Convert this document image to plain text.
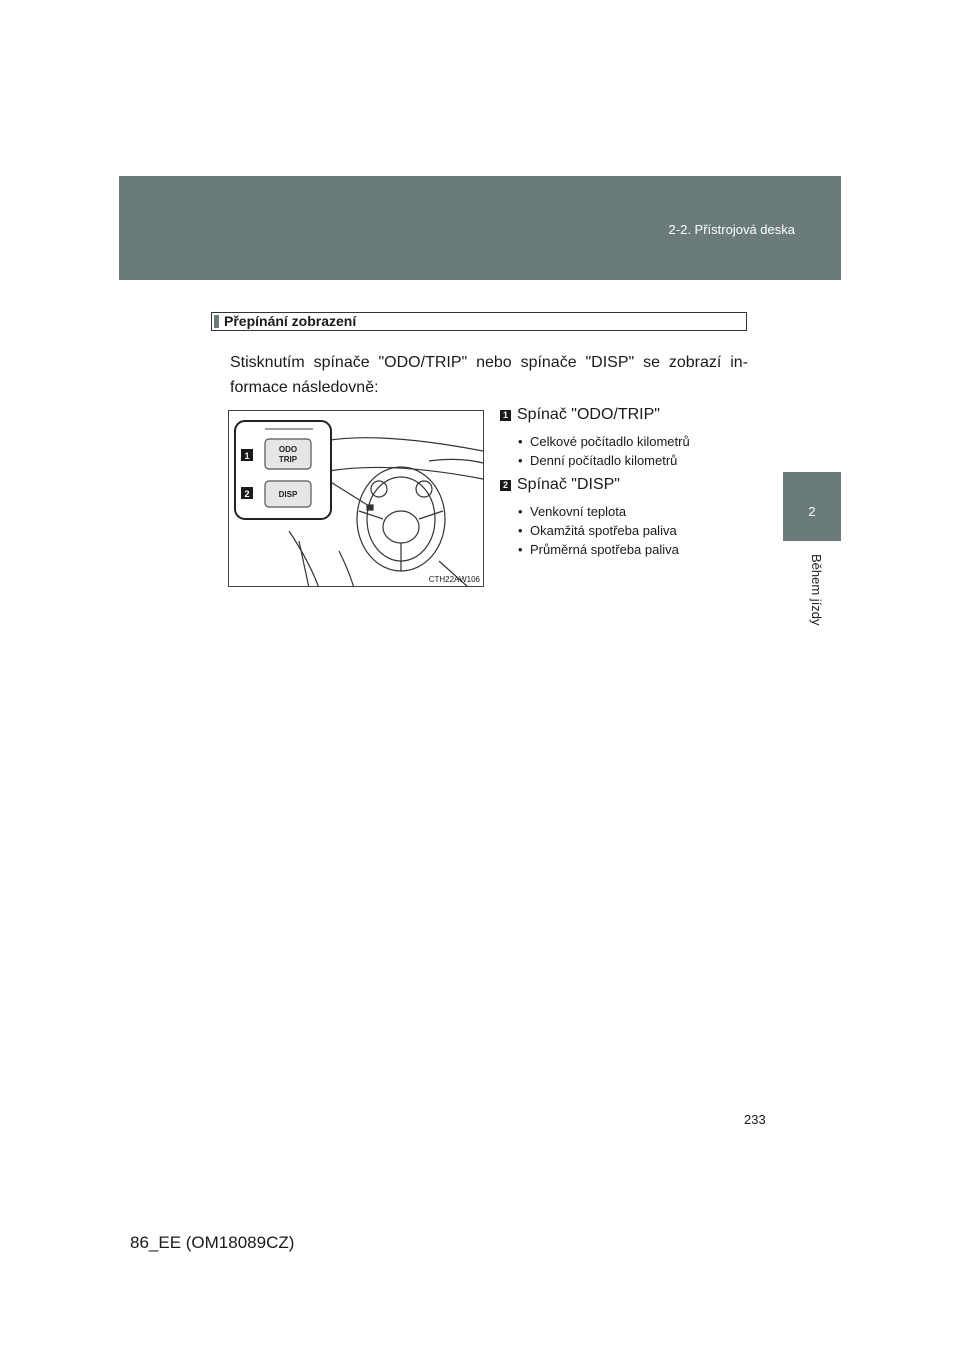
2-2. Přístrojová deska
2
Během jízdy
Přepínání zobrazení
Stisknutím spínače "ODO/TRIP" nebo spínače "DISP" se zobrazí in-formace následovně:
1
2
ODO
TRIP
DISP
CTH22AW106
1 Spínač "ODO/TRIP"
• Celkové počítadlo kilometrů
• Denní počítadlo kilometrů
2 Spínač "DISP"
• Venkovní teplota
• Okamžitá spotřeba paliva
• Průměrná spotřeba paliva
233
86_EE (OM18089CZ)
